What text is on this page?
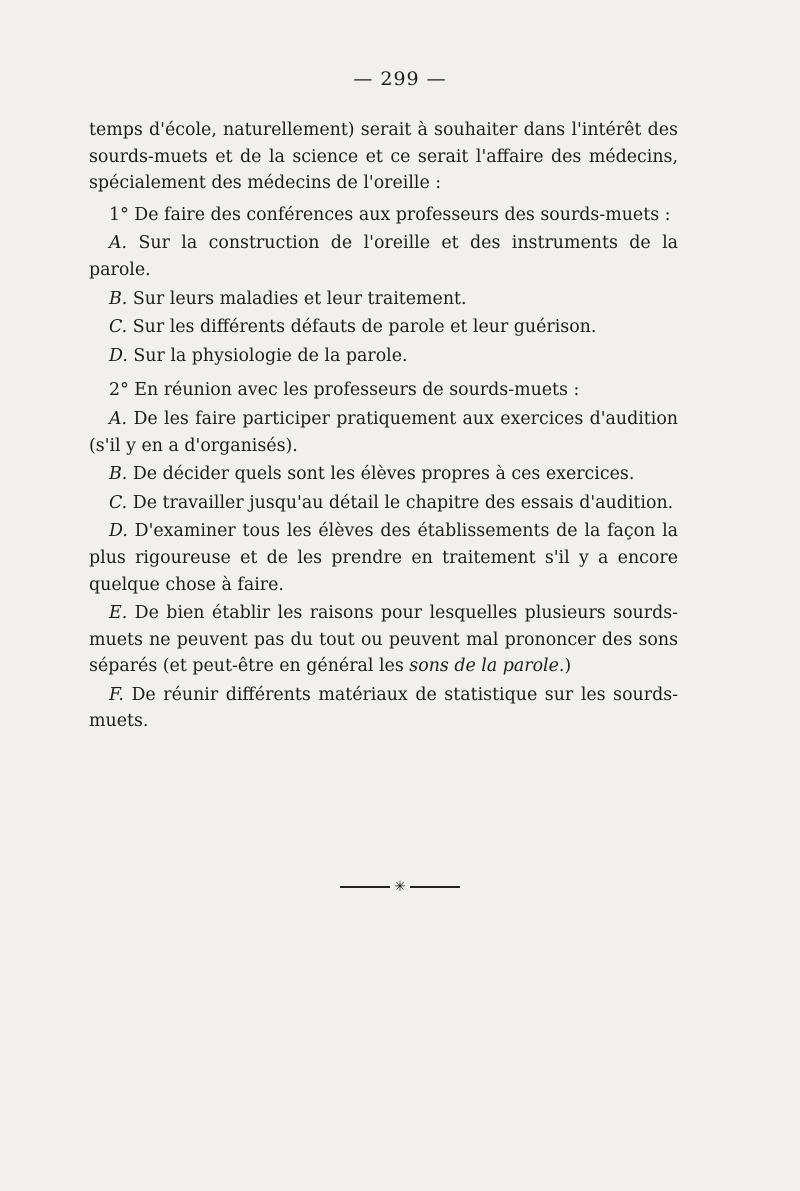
— 299 —

temps d'école, naturellement) serait à souhaiter dans l'intérêt des sourds-muets et de la science et ce serait l'affaire des médecins, spécialement des médecins de l'oreille :

1° De faire des conférences aux professeurs des sourds-muets :

A. Sur la construction de l'oreille et des instruments de la parole.

B. Sur leurs maladies et leur traitement.

C. Sur les différents défauts de parole et leur guérison.

D. Sur la physiologie de la parole.

2° En réunion avec les professeurs de sourds-muets :

A. De les faire participer pratiquement aux exercices d'audition (s'il y en a d'organisés).

B. De décider quels sont les élèves propres à ces exercices.

C. De travailler jusqu'au détail le chapitre des essais d'audition.

D. D'examiner tous les élèves des établissements de la façon la plus rigoureuse et de les prendre en traitement s'il y a encore quelque chose à faire.

E. De bien établir les raisons pour lesquelles plusieurs sourds-muets ne peuvent pas du tout ou peuvent mal prononcer des sons séparés (et peut-être en général les sons de la parole.)

F. De réunir différents matériaux de statistique sur les sourds-muets.

✳
